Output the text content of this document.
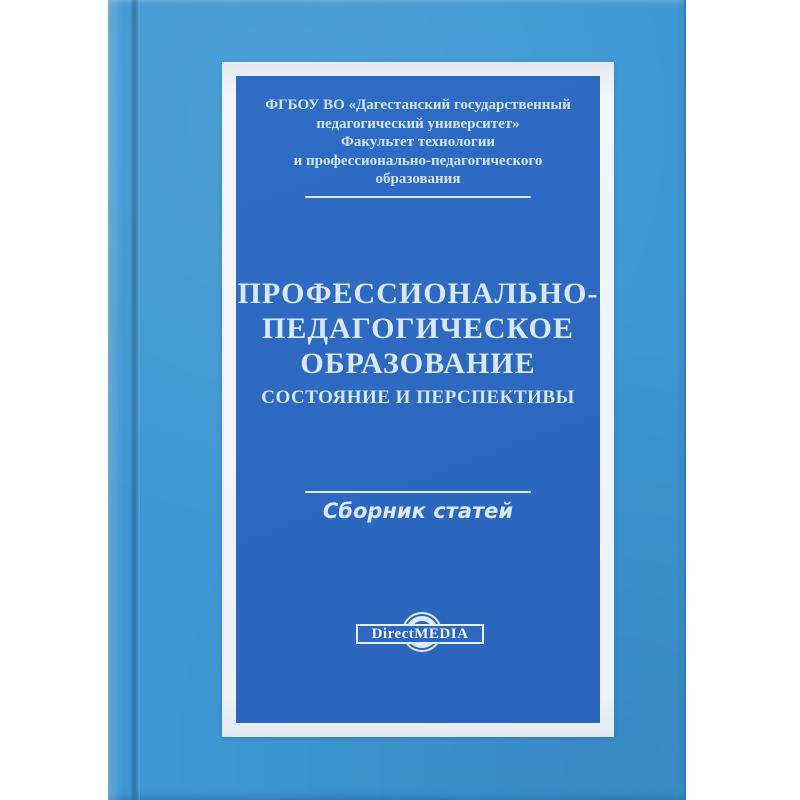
ФГБОУ ВО «Дагестанский государственный
педагогический университет»
Факультет технологии
и профессионально-педагогического
образования
ПРОФЕССИОНАЛЬНО-
ПЕДАГОГИЧЕСКОЕ
ОБРАЗОВАНИЕ
СОСТОЯНИЕ И ПЕРСПЕКТИВЫ
Сборник статей
DirectMEDIA
